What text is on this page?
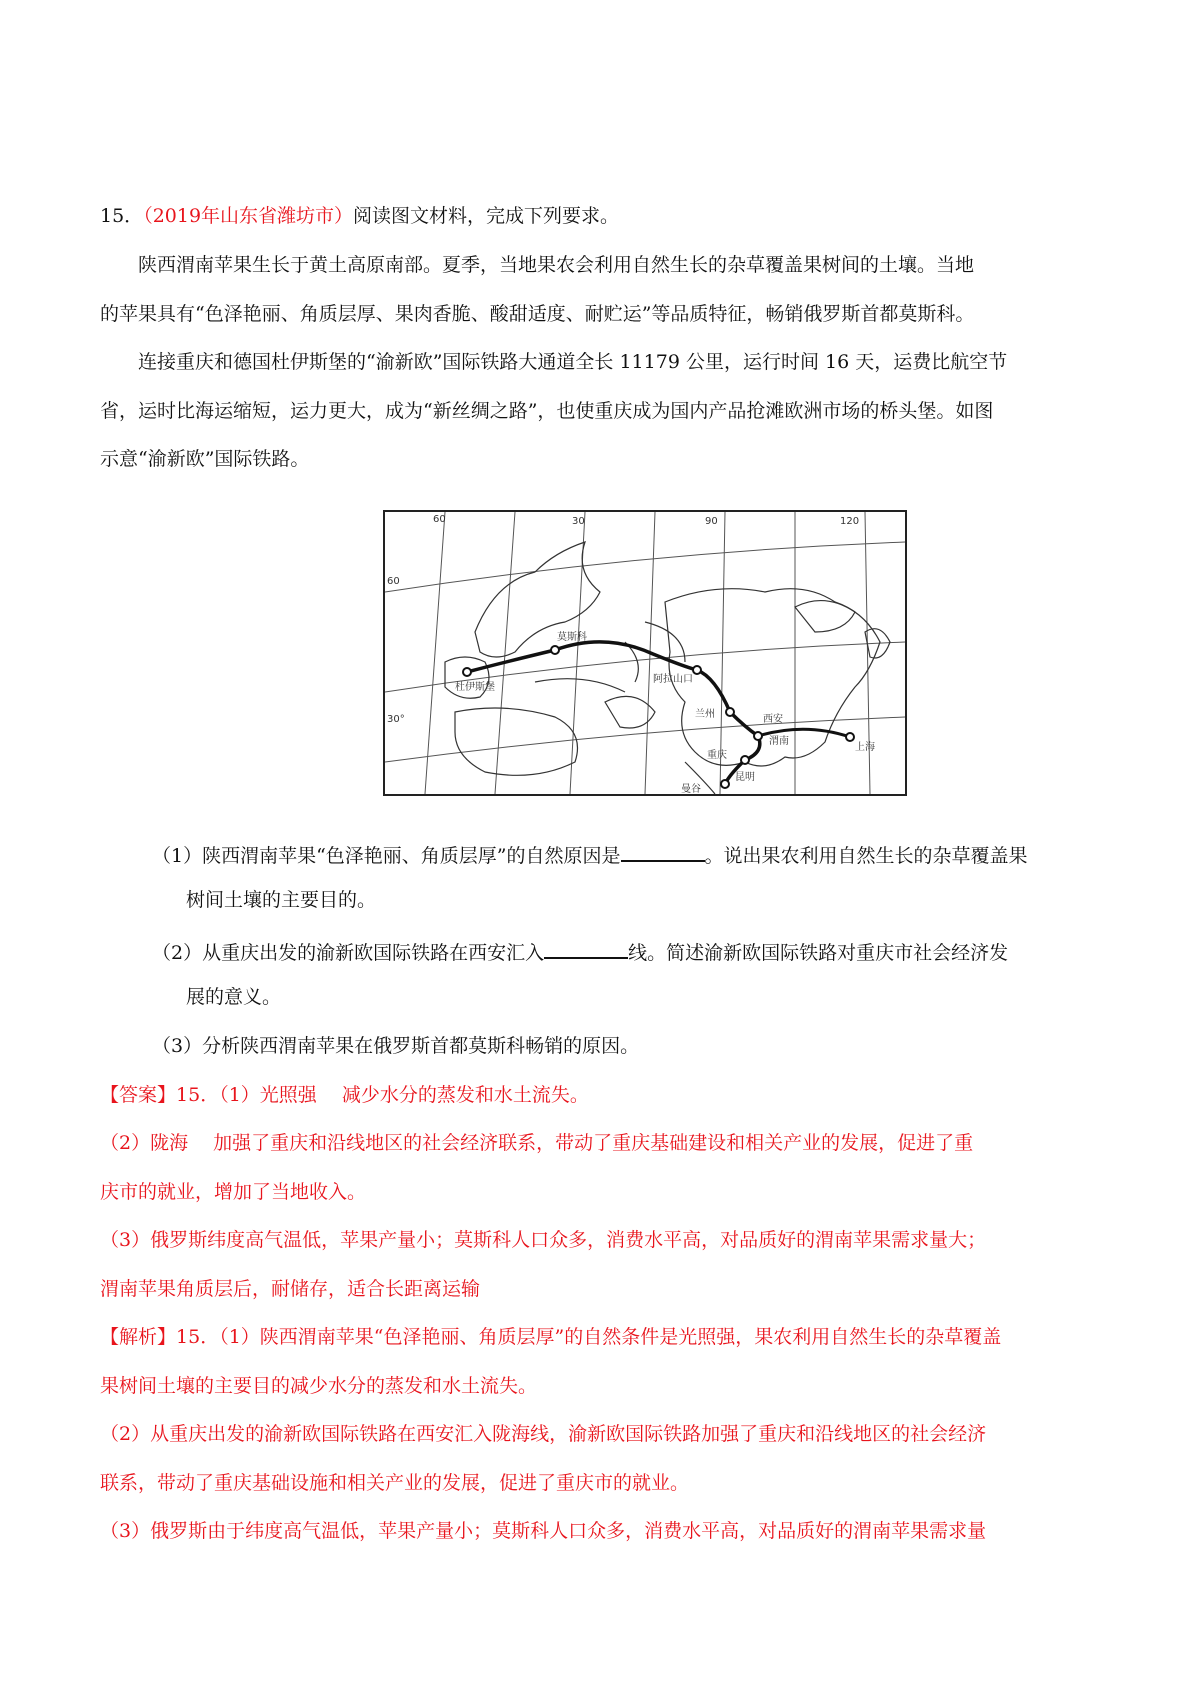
15．（2019年山东省潍坊市）阅读图文材料，完成下列要求。
陕西渭南苹果生长于黄土高原南部。夏季，当地果农会利用自然生长的杂草覆盖果树间的土壤。当地
的苹果具有“色泽艳丽、角质层厚、果肉香脆、酸甜适度、耐贮运”等品质特征，畅销俄罗斯首都莫斯科。
连接重庆和德国杜伊斯堡的“渝新欧”国际铁路大通道全长 11179 公里，运行时间 16 天，运费比航空节
省，运时比海运缩短，运力更大，成为“新丝绸之路”，也使重庆成为国内产品抢滩欧洲市场的桥头堡。如图
示意“渝新欧”国际铁路。
60	30	90	120
60
30°
杜伊斯堡
莫斯科
阿拉山口
兰州	西安
渭南
重庆
上海
昆明
曼谷
（1）陕西渭南苹果“色泽艳丽、角质层厚”的自然原因是	。说出果农利用自然生长的杂草覆盖果
树间土壤的主要目的。
（2）从重庆出发的渝新欧国际铁路在西安汇入	线。简述渝新欧国际铁路对重庆市社会经济发
展的意义。
（3）分析陕西渭南苹果在俄罗斯首都莫斯科畅销的原因。
【答案】15．（1）光照强　 减少水分的蒸发和水土流失。
（2）陇海　 加强了重庆和沿线地区的社会经济联系，带动了重庆基础建设和相关产业的发展，促进了重
庆市的就业，增加了当地收入。
（3）俄罗斯纬度高气温低，苹果产量小；莫斯科人口众多，消费水平高，对品质好的渭南苹果需求量大；
渭南苹果角质层后，耐储存，适合长距离运输
【解析】15．（1）陕西渭南苹果“色泽艳丽、角质层厚”的自然条件是光照强，果农利用自然生长的杂草覆盖
果树间土壤的主要目的减少水分的蒸发和水土流失。
（2）从重庆出发的渝新欧国际铁路在西安汇入陇海线，渝新欧国际铁路加强了重庆和沿线地区的社会经济
联系，带动了重庆基础设施和相关产业的发展，促进了重庆市的就业。
（3）俄罗斯由于纬度高气温低，苹果产量小；莫斯科人口众多，消费水平高，对品质好的渭南苹果需求量
